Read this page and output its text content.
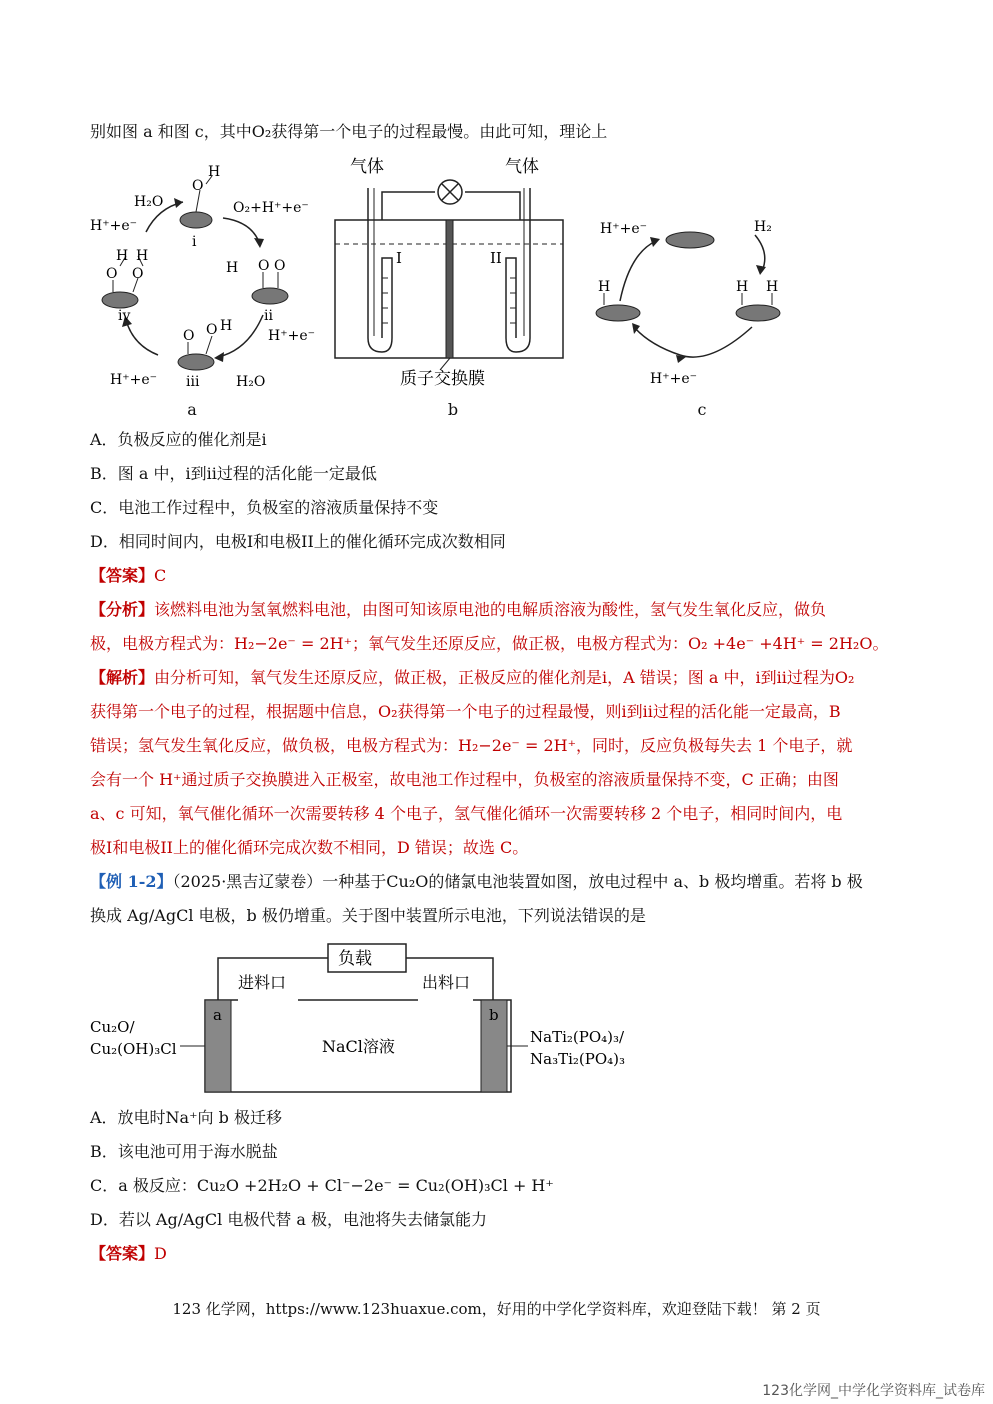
别如图 a 和图 c，其中O₂获得第一个电子的过程最慢。由此可知，理论上
H₂O
O
H
i
O₂+H⁺+e⁻
H⁺+e⁻
H O O
ii
O O H
H⁺+e⁻
iii
H⁺+e⁻	H₂O
O O
H H
iv
a
气体	气体
I	II
质子交换膜
b
H⁺+e⁻	H₂
H	H H
H⁺+e⁻
c
A．负极反应的催化剂是i
B．图 a 中，i到ii过程的活化能一定最低
C．电池工作过程中，负极室的溶液质量保持不变
D．相同时间内，电极I和电极II上的催化循环完成次数相同
【答案】C
【分析】该燃料电池为氢氧燃料电池，由图可知该原电池的电解质溶液为酸性，氢气发生氧化反应，做负
极，电极方程式为：H₂−2e⁻ = 2H⁺；氧气发生还原反应，做正极，电极方程式为：O₂ +4e⁻ +4H⁺ = 2H₂O。
【解析】由分析可知，氧气发生还原反应，做正极，正极反应的催化剂是i，A 错误；图 a 中，i到ii过程为O₂
获得第一个电子的过程，根据题中信息，O₂获得第一个电子的过程最慢，则i到ii过程的活化能一定最高，B
错误；氢气发生氧化反应，做负极，电极方程式为：H₂−2e⁻ = 2H⁺，同时，反应负极每失去 1 个电子，就
会有一个 H⁺通过质子交换膜进入正极室，故电池工作过程中，负极室的溶液质量保持不变，C 正确；由图
a、c 可知，氧气催化循环一次需要转移 4 个电子，氢气催化循环一次需要转移 2 个电子，相同时间内，电
极I和电极II上的催化循环完成次数不相同，D 错误；故选 C。
【例 1-2】（2025·黑吉辽蒙卷）一种基于Cu₂O的储氯电池装置如图，放电过程中 a、b 极均增重。若将 b 极
换成 Ag/AgCl 电极，b 极仍增重。关于图中装置所示电池，下列说法错误的是
负载
进料口	出料口
a	b
Cu₂O/
Cu₂(OH)₃Cl	NaCl溶液	NaTi₂(PO₄)₃/
Na₃Ti₂(PO₄)₃
A．放电时Na⁺向 b 极迁移
B．该电池可用于海水脱盐
C．a 极反应：Cu₂O +2H₂O + Cl⁻−2e⁻ = Cu₂(OH)₃Cl + H⁺
D．若以 Ag/AgCl 电极代替 a 极，电池将失去储氯能力
【答案】D
123 化学网，https://www.123huaxue.com，好用的中学化学资料库，欢迎登陆下载！ 第 2 页
123化学网_中学化学资料库_试卷库
